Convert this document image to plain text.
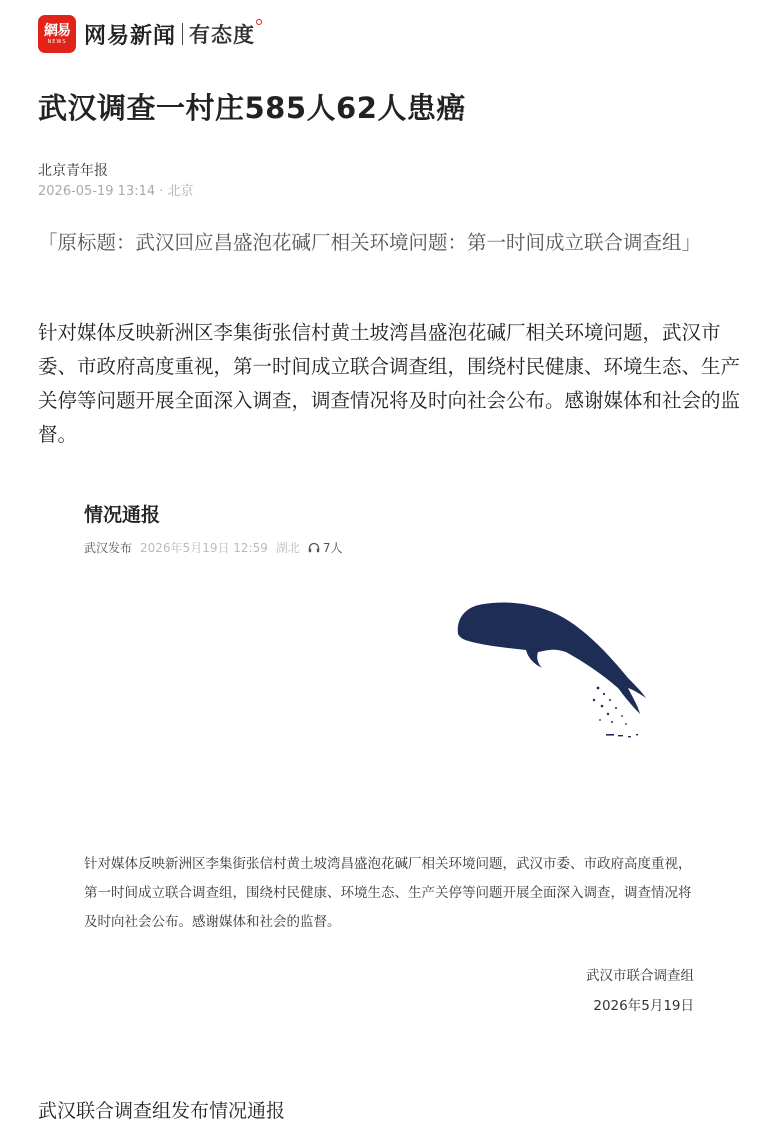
網易
NEWS 网易新闻 有态度
武汉调查一村庄585人62人患癌
北京青年报
2026-05-19 13:14 · 北京

「原标题：武汉回应昌盛泡花碱厂相关环境问题：第一时间成立联合调查组」

针对媒体反映新洲区李集街张信村黄土坡湾昌盛泡花碱厂相关环境问题，武汉市委、市政府高度重视，第一时间成立联合调查组，围绕村民健康、环境生态、生产关停等问题开展全面深入调查，调查情况将及时向社会公布。感谢媒体和社会的监督。

情况通报
武汉发布 2026年5月19日 12:59 湖北 7人

针对媒体反映新洲区李集街张信村黄土坡湾昌盛泡花碱厂相关环境问题，武汉市委、市政府高度重视，第一时间成立联合调查组，围绕村民健康、环境生态、生产关停等问题开展全面深入调查，调查情况将及时向社会公布。感谢媒体和社会的监督。

武汉市联合调查组
2026年5月19日
武汉联合调查组发布情况通报
